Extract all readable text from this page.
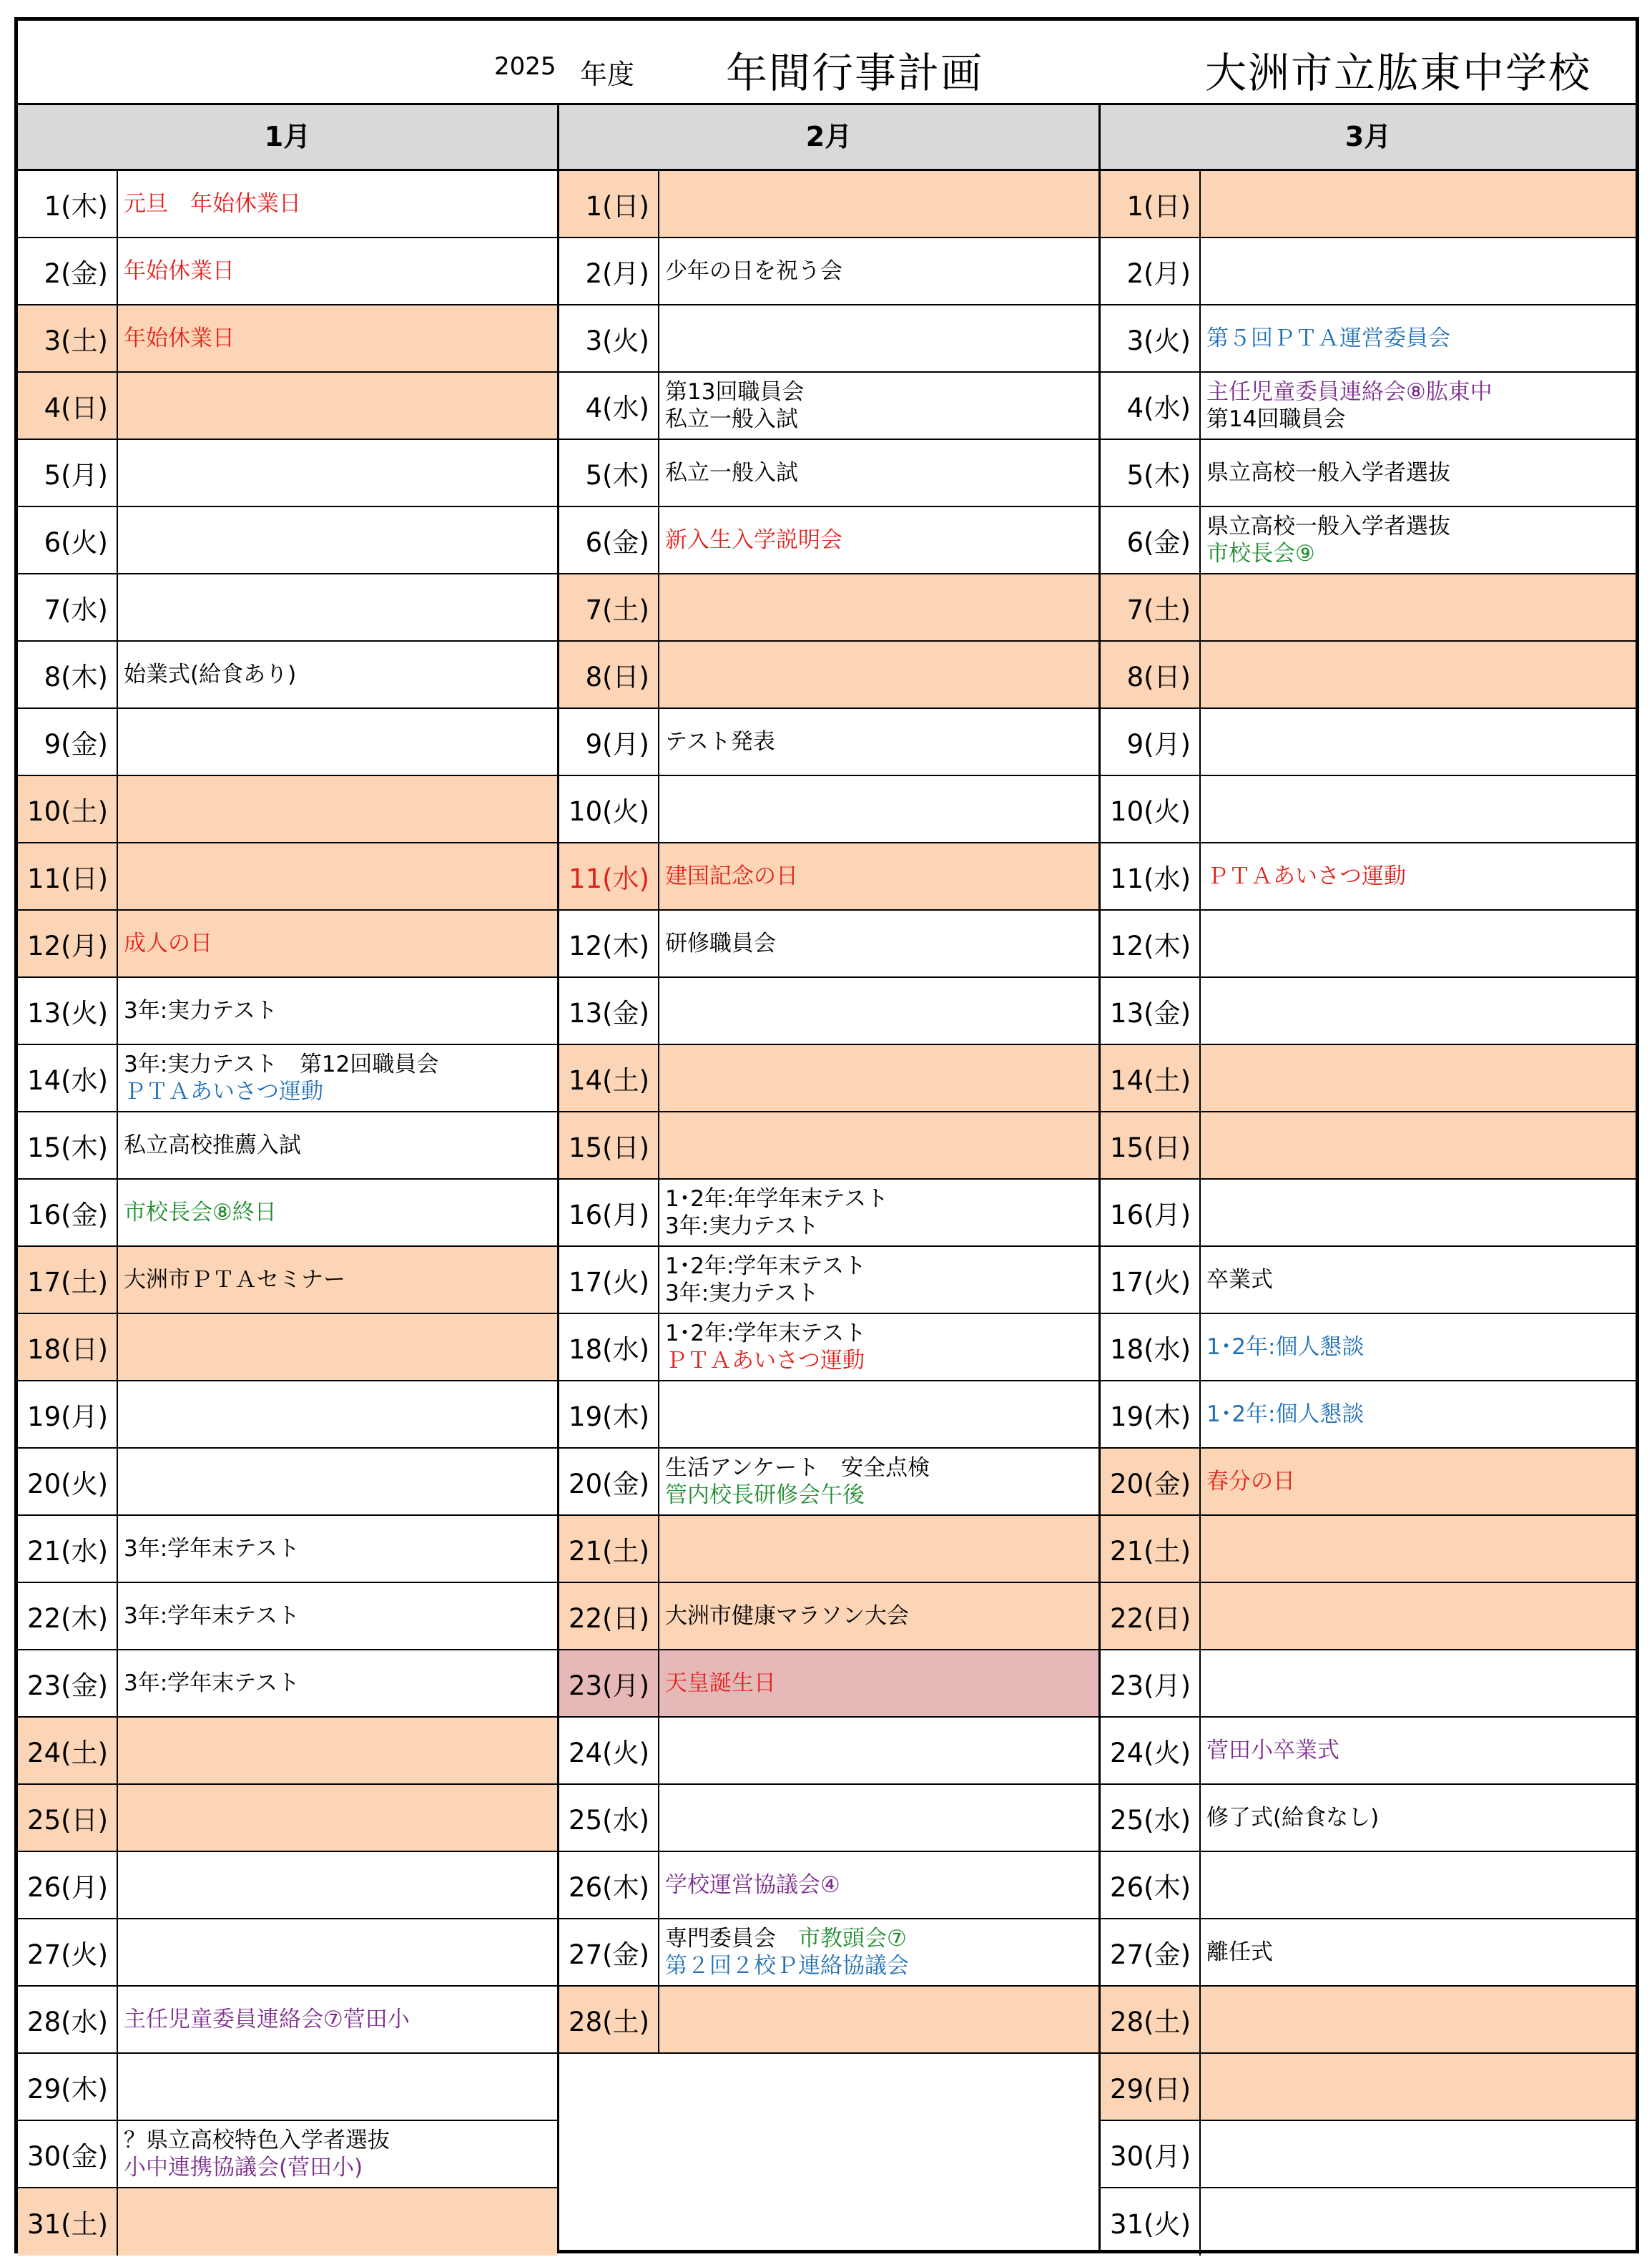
2025 年度 年間行事計画	大洲市立肱東中学校
1月	2月	3月
1(木) 元旦　年始休業日
2(金) 年始休業日
3(土) 年始休業日
4(日)
5(月)
6(火)
7(水)
8(木) 始業式(給食あり)
9(金)
10(土)
11(日)
12(月) 成人の日
13(火) 3年:実力テスト
14(水)
3年:実力テスト　第12回職員会
ＰＴＡあいさつ運動
15(木) 私立高校推薦入試
16(金) 市校長会⑧終日
17(土) 大洲市ＰＴＡセミナー
18(日)
19(月)
20(火)
21(水) 3年:学年末テスト
22(木) 3年:学年末テスト
23(金) 3年:学年末テスト
24(土)
25(日)
26(月)
27(火)
28(水) 主任児童委員連絡会⑦菅田小
29(木)
30(金)
？県立高校特色入学者選抜
小中連携協議会(菅田小)
31(土)
1(日)
2(月) 少年の日を祝う会
3(火)
4(水)
第13回職員会
私立一般入試
5(木) 私立一般入試
6(金) 新入生入学説明会
7(土)
8(日)
9(月) テスト発表
10(火)
11(水) 建国記念の日
12(木) 研修職員会
13(金)
14(土)
15(日)
16(月)
1･2年:年学年末テスト
3年:実力テスト
17(火)
1･2年:学年末テスト
3年:実力テスト
18(水)
1･2年:学年末テスト
ＰＴＡあいさつ運動
19(木)
20(金)
生活アンケート　安全点検
管内校長研修会午後
21(土)
22(日) 大洲市健康マラソン大会
23(月) 天皇誕生日
24(火)
25(水)
26(木) 学校運営協議会④
27(金)
専門委員会　市教頭会⑦
第２回２校Ｐ連絡協議会
28(土)
1(日)
2(月)
3(火) 第５回ＰＴＡ運営委員会
4(水)
主任児童委員連絡会⑧肱東中
第14回職員会
5(木) 県立高校一般入学者選抜
6(金)
県立高校一般入学者選抜
市校長会⑨
7(土)
8(日)
9(月)
10(火)
11(水) ＰＴＡあいさつ運動
12(木)
13(金)
14(土)
15(日)
16(月)
17(火) 卒業式
18(水) 1･2年:個人懇談
19(木) 1･2年:個人懇談
20(金) 春分の日
21(土)
22(日)
23(月)
24(火) 菅田小卒業式
25(水) 修了式(給食なし)
26(木)
27(金) 離任式
28(土)
29(日)
30(月)
31(火)
